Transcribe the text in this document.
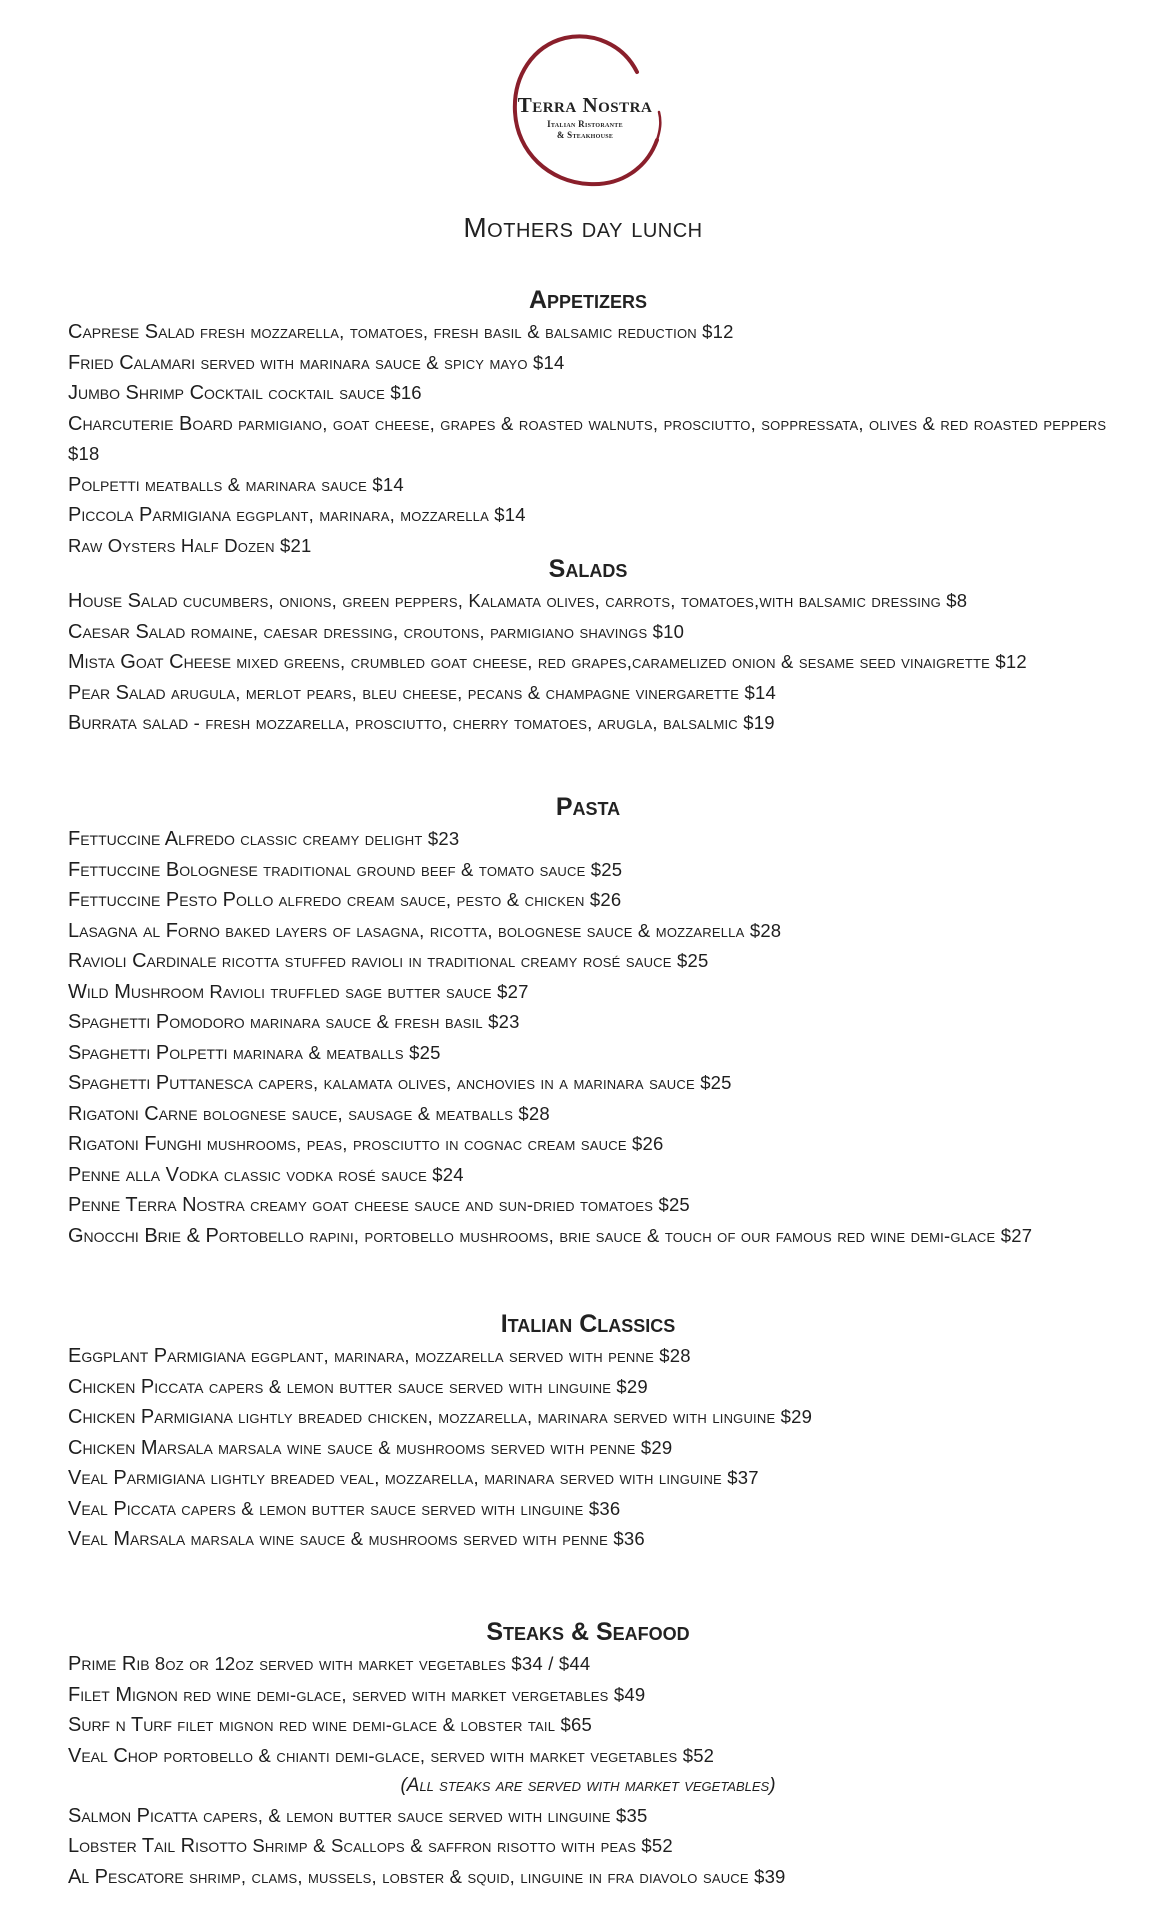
Terra Nostra
Italian Ristorante
& Steakhouse
Mothers day lunch
Appetizers
Caprese Salad fresh mozzarella, tomatoes, fresh basil & balsamic reduction $12
Fried Calamari served with marinara sauce & spicy mayo $14
Jumbo Shrimp Cocktail cocktail sauce $16
Charcuterie Board parmigiano, goat cheese, grapes & roasted walnuts, prosciutto, soppressata, olives & red roasted peppers $18
Polpetti meatballs & marinara sauce $14
Piccola Parmigiana eggplant, marinara, mozzarella $14
Raw Oysters Half Dozen $21
Salads
House Salad cucumbers, onions, green peppers, Kalamata olives, carrots, tomatoes,with balsamic dressing $8
Caesar Salad romaine, caesar dressing, croutons, parmigiano shavings $10
Mista Goat Cheese mixed greens, crumbled goat cheese, red grapes,caramelized onion & sesame seed vinaigrette $12
Pear Salad arugula, merlot pears, bleu cheese, pecans & champagne vinergarette $14
Burrata salad - fresh mozzarella, prosciutto, cherry tomatoes, arugla, balsalmic $19
Pasta
Fettuccine Alfredo classic creamy delight $23
Fettuccine Bolognese traditional ground beef & tomato sauce $25
Fettuccine Pesto Pollo alfredo cream sauce, pesto & chicken $26
Lasagna al Forno baked layers of lasagna, ricotta, bolognese sauce & mozzarella $28
Ravioli Cardinale ricotta stuffed ravioli in traditional creamy rosé sauce $25
Wild Mushroom Ravioli truffled sage butter sauce $27
Spaghetti Pomodoro marinara sauce & fresh basil $23
Spaghetti Polpetti marinara & meatballs $25
Spaghetti Puttanesca capers, kalamata olives, anchovies in a marinara sauce $25
Rigatoni Carne bolognese sauce, sausage & meatballs $28
Rigatoni Funghi mushrooms, peas, prosciutto in cognac cream sauce $26
Penne alla Vodka classic vodka rosé sauce $24
Penne Terra Nostra creamy goat cheese sauce and sun-dried tomatoes $25
Gnocchi Brie & Portobello rapini, portobello mushrooms, brie sauce & touch of our famous red wine demi-glace $27
Italian Classics
Eggplant Parmigiana eggplant, marinara, mozzarella served with penne $28
Chicken Piccata capers & lemon butter sauce served with linguine $29
Chicken Parmigiana lightly breaded chicken, mozzarella, marinara served with linguine $29
Chicken Marsala marsala wine sauce & mushrooms served with penne $29
Veal Parmigiana lightly breaded veal, mozzarella, marinara served with linguine $37
Veal Piccata capers & lemon butter sauce served with linguine $36
Veal Marsala marsala wine sauce & mushrooms served with penne $36
Steaks & Seafood
Prime Rib 8oz or 12oz served with market vegetables $34 / $44
Filet Mignon red wine demi-glace, served with market vergetables $49
Surf n Turf filet mignon red wine demi-glace & lobster tail $65
Veal Chop portobello & chianti demi-glace, served with market vegetables $52
(All steaks are served with market vegetables)
Salmon Picatta capers, & lemon butter sauce served with linguine $35
Lobster Tail Risotto Shrimp & Scallops & saffron risotto with peas $52
Al Pescatore shrimp, clams, mussels, lobster & squid, linguine in fra diavolo sauce $39
